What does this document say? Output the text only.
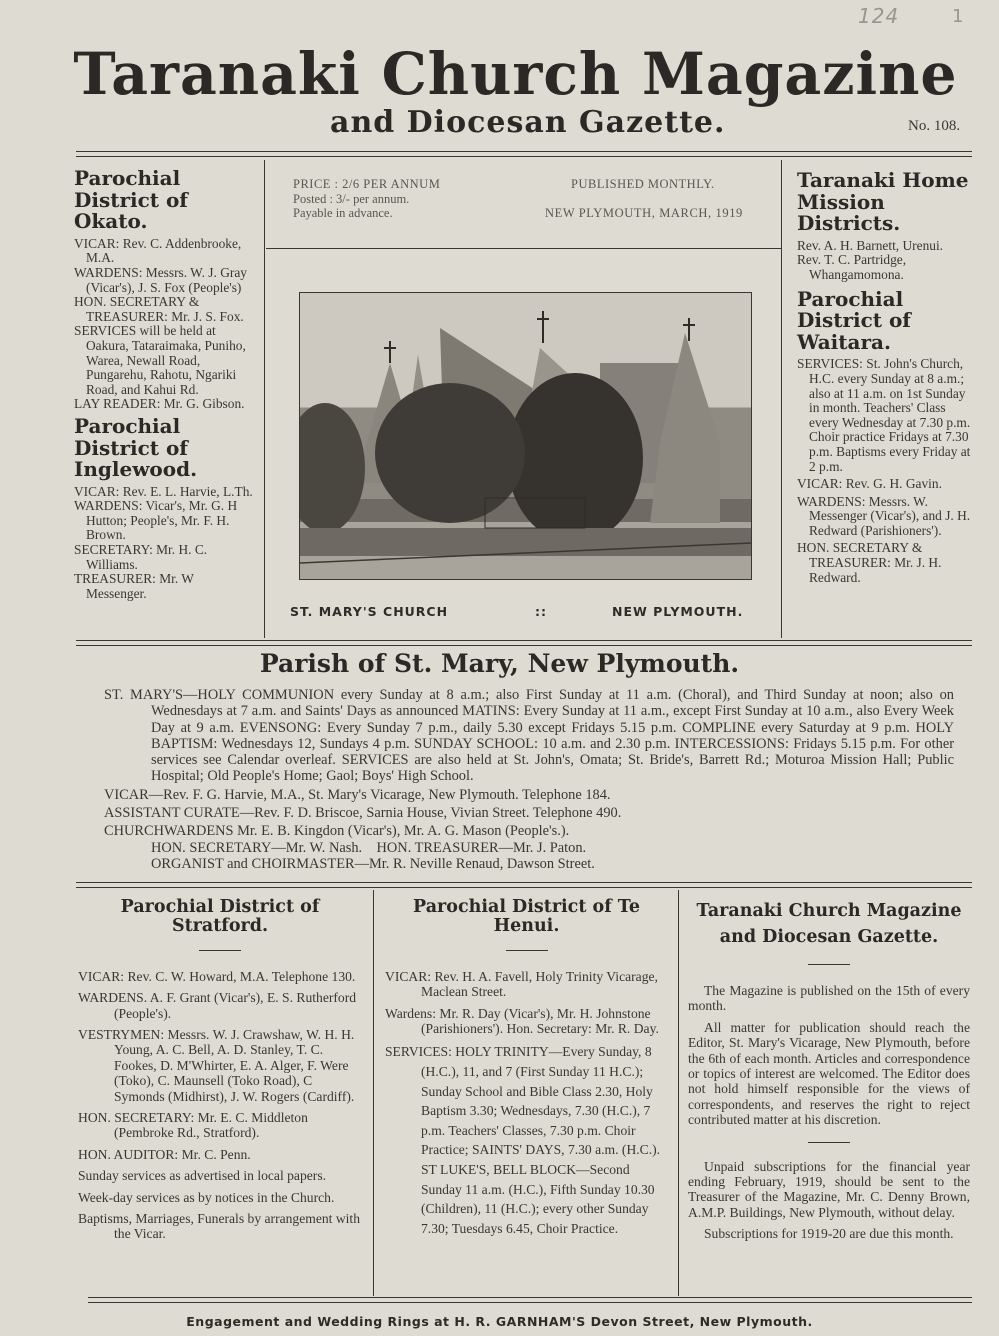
124	1
Taranaki Church Magazine
and Diocesan Gazette.	No. 108.
Parochial District of Okato.

VICAR: Rev. C. Addenbrooke, M.A.

WARDENS: Messrs. W. J. Gray (Vicar's), J. S. Fox (People's)

HON. SECRETARY & TREASURER: Mr. J. S. Fox.

SERVICES will be held at Oakura, Tataraimaka, Puniho, Warea, Newall Road, Pungarehu, Rahotu, Ngariki Road, and Kahui Rd.

LAY READER: Mr. G. Gibson.

Parochial District of Inglewood.

VICAR: Rev. E. L. Harvie, L.Th.

WARDENS: Vicar's, Mr. G. H Hutton; People's, Mr. F. H. Brown.

SECRETARY: Mr. H. C. Williams.

TREASURER: Mr. W Messenger.

PRICE : 2/6 PER ANNUM
Posted : 3/- per annum.
Payable in advance.
PUBLISHED MONTHLY.
NEW PLYMOUTH, MARCH, 1919
ST. MARY'S CHURCH	::	NEW PLYMOUTH.
Taranaki Home Mission Districts.

Rev. A. H. Barnett, Urenui.

Rev. T. C. Partridge, Whangamomona.

Parochial District of Waitara.

SERVICES: St. John's Church, H.C. every Sunday at 8 a.m.; also at 11 a.m. on 1st Sunday in month. Teachers' Class every Wednesday at 7.30 p.m. Choir practice Fridays at 7.30 p.m. Baptisms every Friday at 2 p.m.

VICAR: Rev. G. H. Gavin.

WARDENS: Messrs. W. Messenger (Vicar's), and J. H. Redward (Parishioners').

HON. SECRETARY & TREASURER: Mr. J. H. Redward.

Parish of St. Mary, New Plymouth.

ST. MARY'S—HOLY COMMUNION every Sunday at 8 a.m.; also First Sunday at 11 a.m. (Choral), and Third Sunday at noon; also on Wednesdays at 7 a.m. and Saints' Days as announced MATINS: Every Sunday at 11 a.m., except First Sunday at 10 a.m., also Every Week Day at 9 a.m. EVENSONG: Every Sunday 7 p.m., daily 5.30 except Fridays 5.15 p.m. COMPLINE every Saturday at 9 p.m. HOLY BAPTISM: Wednesdays 12, Sundays 4 p.m. SUNDAY SCHOOL: 10 a.m. and 2.30 p.m. INTERCESSIONS: Fridays 5.15 p.m. For other services see Calendar overleaf. SERVICES are also held at St. John's, Omata; St. Bride's, Barrett Rd.; Moturoa Mission Hall; Public Hospital; Old People's Home; Gaol; Boys' High School.

VICAR—Rev. F. G. Harvie, M.A., St. Mary's Vicarage, New Plymouth. Telephone 184.

ASSISTANT CURATE—Rev. F. D. Briscoe, Sarnia House, Vivian Street. Telephone 490.

CHURCHWARDENS Mr. E. B. Kingdon (Vicar's), Mr. A. G. Mason (People's.).

HON. SECRETARY—Mr. W. Nash.    HON. TREASURER—Mr. J. Paton.

ORGANIST and CHOIRMASTER—Mr. R. Neville Renaud, Dawson Street.

Parochial District of Stratford.

VICAR: Rev. C. W. Howard, M.A. Telephone 130.

WARDENS. A. F. Grant (Vicar's), E. S. Rutherford (People's).

VESTRYMEN: Messrs. W. J. Crawshaw, W. H. H. Young, A. C. Bell, A. D. Stanley, T. C. Fookes, D. M'Whirter, E. A. Alger, F. Were (Toko), C. Maunsell (Toko Road), C Symonds (Midhirst), J. W. Rogers (Cardiff).

HON. SECRETARY: Mr. E. C. Middleton (Pembroke Rd., Stratford).

HON. AUDITOR: Mr. C. Penn.

Sunday services as advertised in local papers.

Week-day services as by notices in the Church.

Baptisms, Marriages, Funerals by arrangement with the Vicar.

Parochial District of Te Henui.

VICAR: Rev. H. A. Favell, Holy Trinity Vicarage, Maclean Street.

Wardens: Mr. R. Day (Vicar's), Mr. H. Johnstone (Parishioners'). Hon. Secretary: Mr. R. Day.

SERVICES: HOLY TRINITY—Every Sunday, 8 (H.C.), 11, and 7 (First Sunday 11 H.C.); Sunday School and Bible Class 2.30, Holy Baptism 3.30; Wednesdays, 7.30 (H.C.), 7 p.m. Teachers' Classes, 7.30 p.m. Choir Practice; SAINTS' DAYS, 7.30 a.m. (H.C.). ST LUKE'S, BELL BLOCK—Second Sunday 11 a.m. (H.C.), Fifth Sunday 10.30 (Children), 11 (H.C.); every other Sunday 7.30; Tuesdays 6.45, Choir Practice.

Taranaki Church Magazine and Diocesan Gazette.

The Magazine is published on the 15th of every month.

All matter for publication should reach the Editor, St. Mary's Vicarage, New Plymouth, before the 6th of each month. Articles and correspondence or topics of interest are welcomed. The Editor does not hold himself responsible for the views of correspondents, and reserves the right to reject contributed matter at his discretion.

Unpaid subscriptions for the financial year ending February, 1919, should be sent to the Treasurer of the Magazine, Mr. C. Denny Brown, A.M.P. Buildings, New Plymouth, without delay.

Subscriptions for 1919-20 are due this month.

Engagement and Wedding Rings at H. R. GARNHAM'S Devon Street, New Plymouth.
